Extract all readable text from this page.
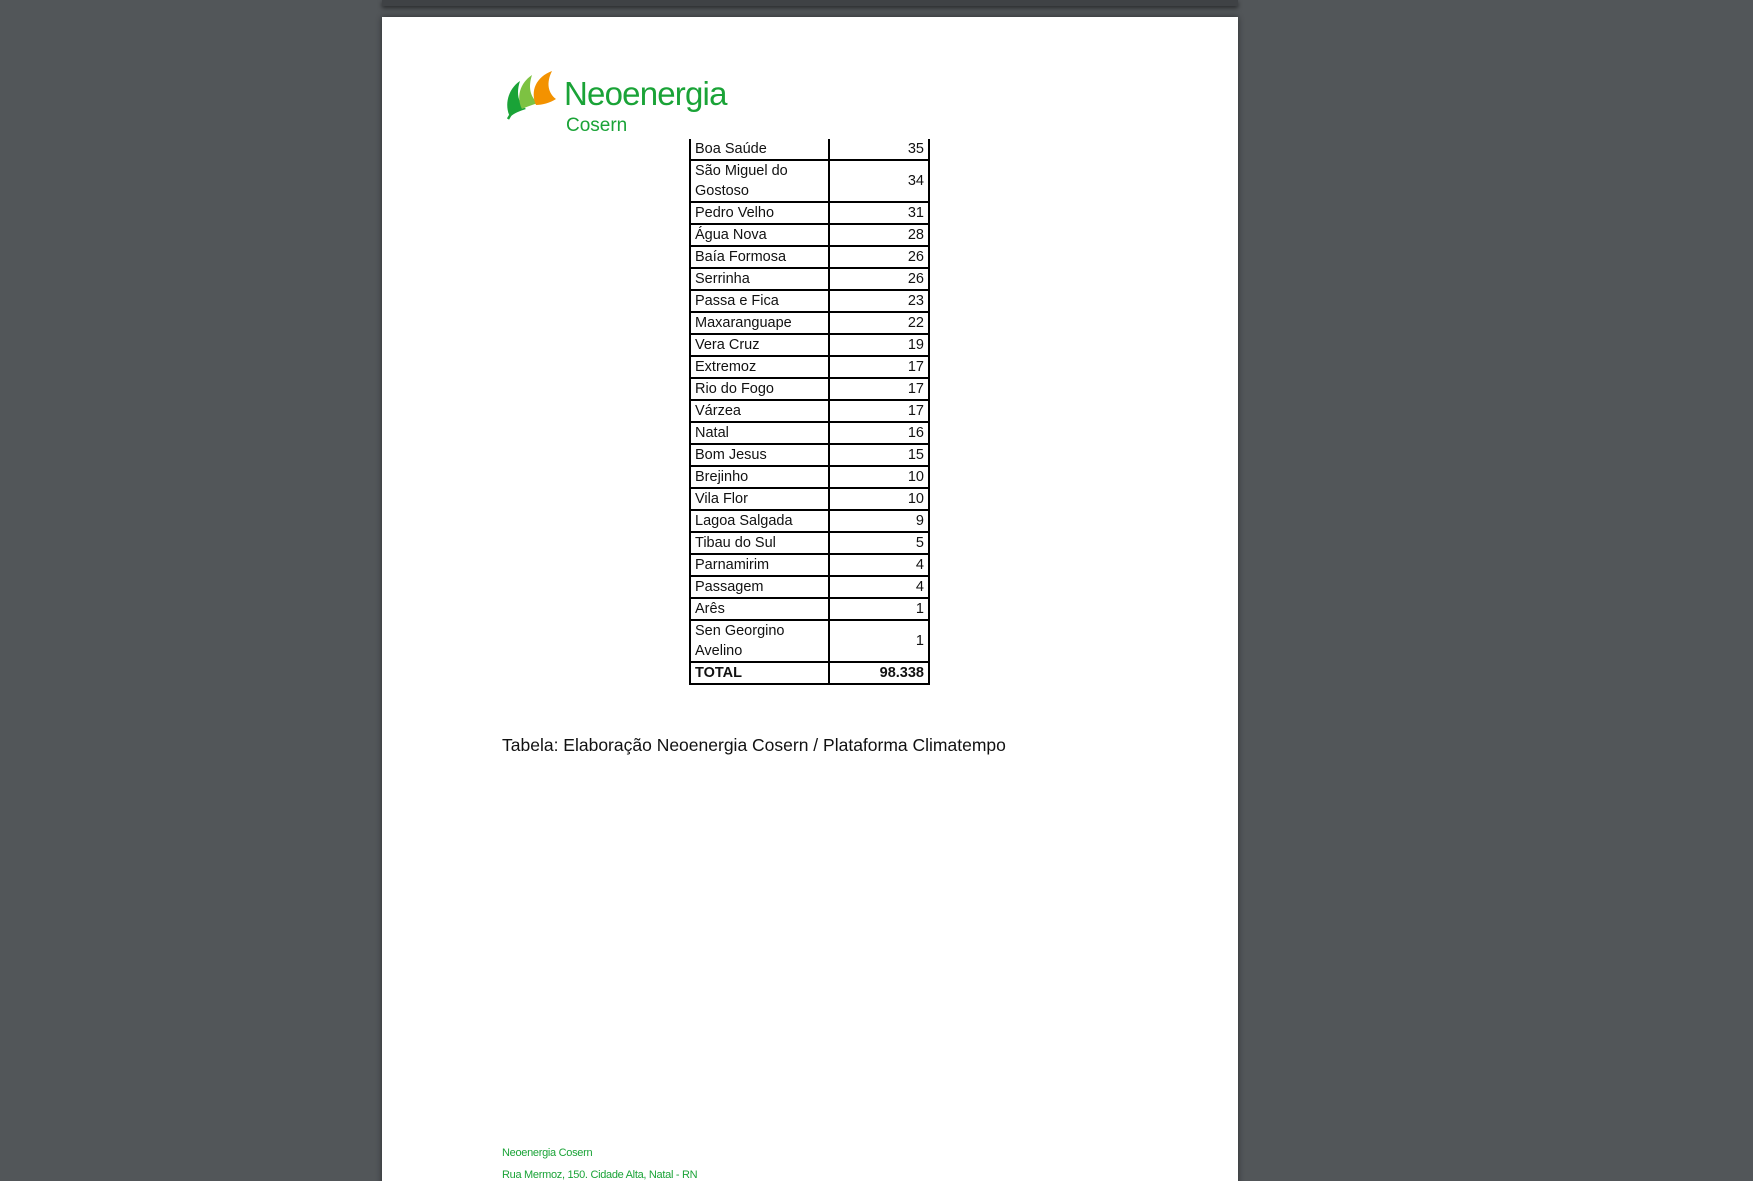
Neoenergia
Cosern
Boa Saúde	35
São Miguel do Gostoso	34
Pedro Velho	31
Água Nova	28
Baía Formosa	26
Serrinha	26
Passa e Fica	23
Maxaranguape	22
Vera Cruz	19
Extremoz	17
Rio do Fogo	17
Várzea	17
Natal	16
Bom Jesus	15
Brejinho	10
Vila Flor	10
Lagoa Salgada	9
Tibau do Sul	5
Parnamirim	4
Passagem	4
Arês	1
Sen Georgino Avelino	1
TOTAL	98.338
Tabela: Elaboração Neoenergia Cosern / Plataforma Climatempo
Neoenergia Cosern
Rua Mermoz, 150. Cidade Alta, Natal - RN
